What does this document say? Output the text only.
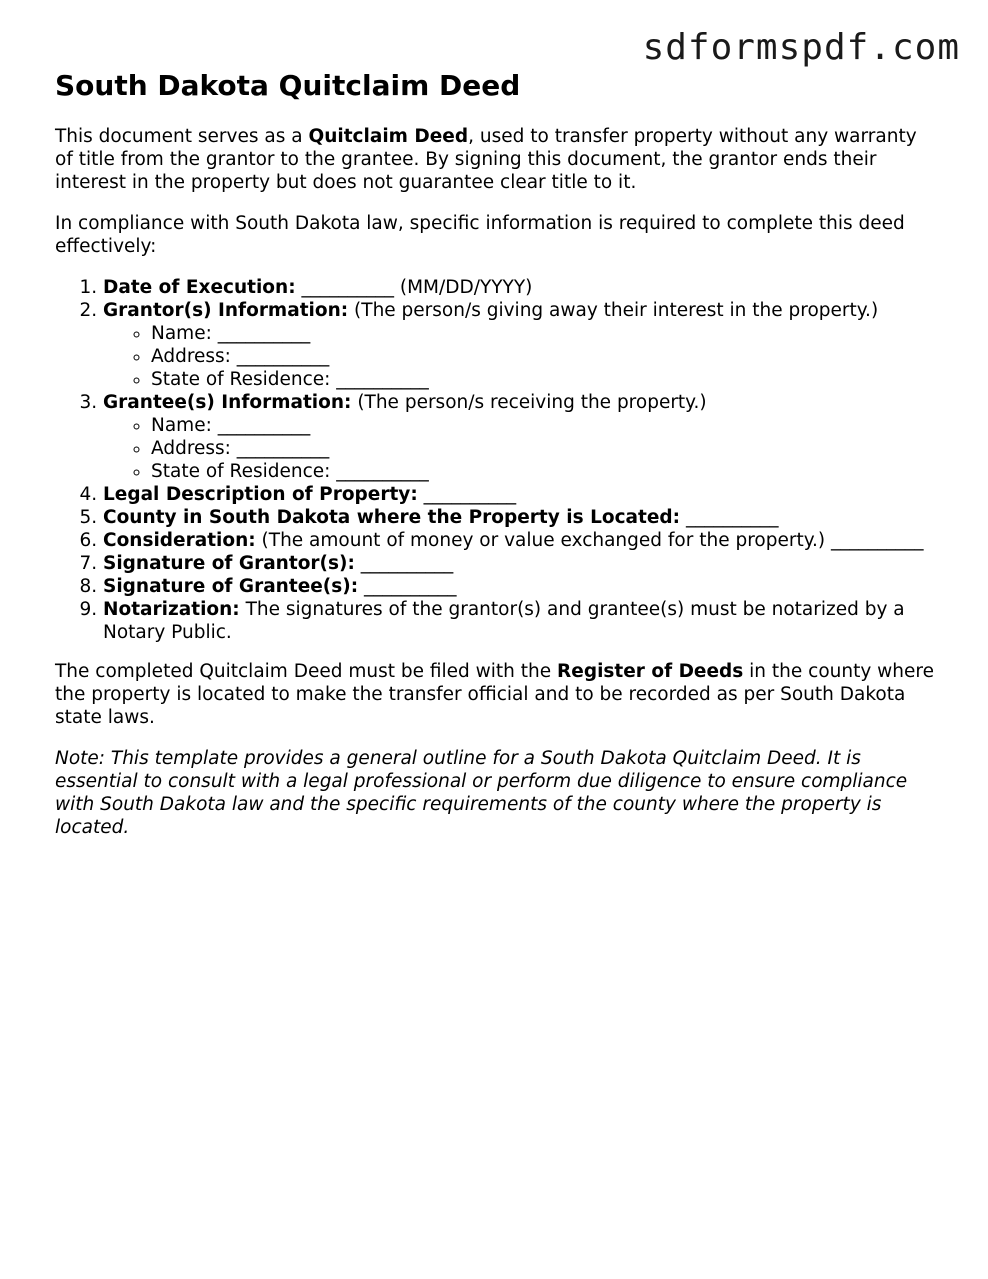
sdformspdf.com
South Dakota Quitclaim Deed

This document serves as a Quitclaim Deed, used to transfer property without any warranty of title from the grantor to the grantee. By signing this document, the grantor ends their interest in the property but does not guarantee clear title to it.

In compliance with South Dakota law, specific information is required to complete this deed effectively:

1. Date of Execution: __________ (MM/DD/YYYY)
2. Grantor(s) Information: (The person/s giving away their interest in the property.)
◦ Name: __________
◦ Address: __________
◦ State of Residence: __________
3. Grantee(s) Information: (The person/s receiving the property.)
◦ Name: __________
◦ Address: __________
◦ State of Residence: __________
4. Legal Description of Property: __________
5. County in South Dakota where the Property is Located: __________
6. Consideration: (The amount of money or value exchanged for the property.) __________
7. Signature of Grantor(s): __________
8. Signature of Grantee(s): __________
9. Notarization: The signatures of the grantor(s) and grantee(s) must be notarized by a Notary Public.

The completed Quitclaim Deed must be filed with the Register of Deeds in the county where the property is located to make the transfer official and to be recorded as per South Dakota state laws.

Note: This template provides a general outline for a South Dakota Quitclaim Deed. It is essential to consult with a legal professional or perform due diligence to ensure compliance with South Dakota law and the specific requirements of the county where the property is located.
